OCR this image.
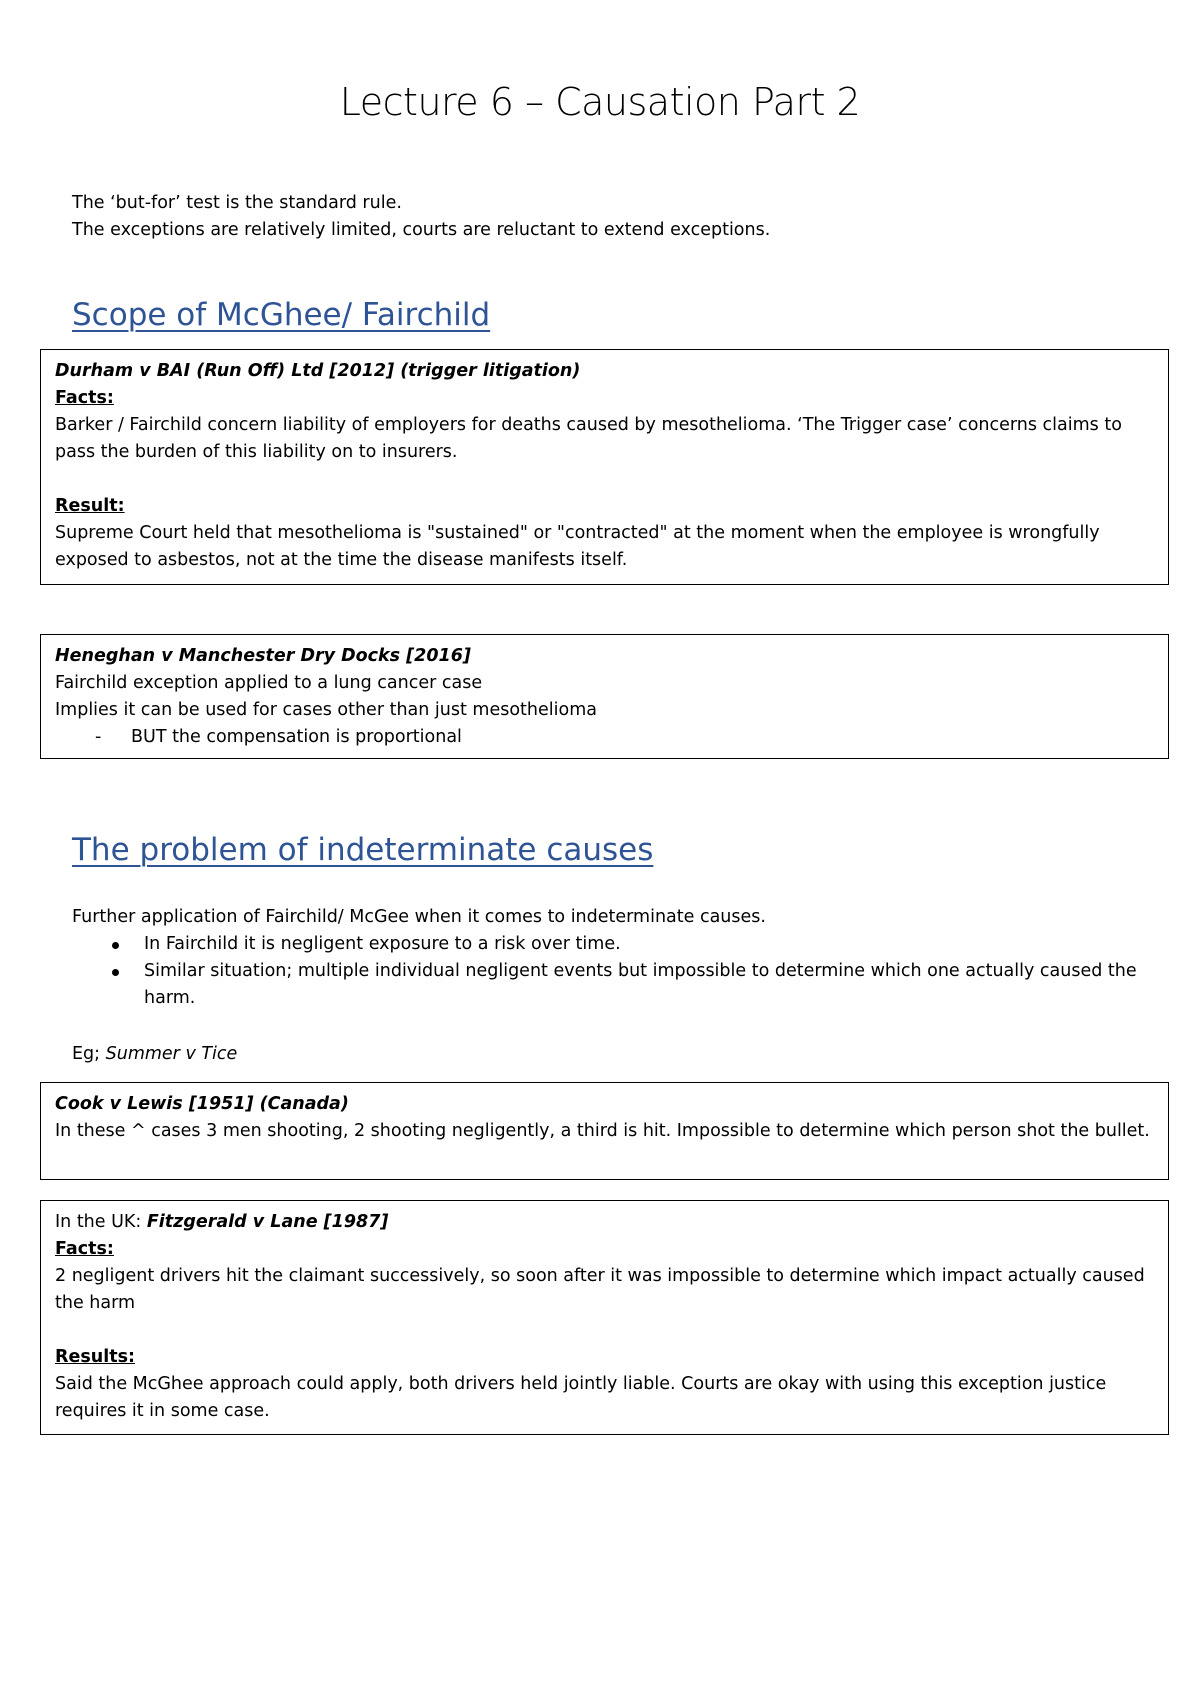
Lecture 6 – Causation Part 2
The ‘but-for’ test is the standard rule.
The exceptions are relatively limited, courts are reluctant to extend exceptions.
Scope of McGhee/ Fairchild

Durham v BAI (Run Off) Ltd [2012] (trigger litigation)

Facts:

Barker / Fairchild concern liability of employers for deaths caused by mesothelioma. ‘The Trigger case’ concerns claims to pass the burden of this liability on to insurers.

Result:

Supreme Court held that mesothelioma is "sustained" or "contracted" at the moment when the employee is wrongfully exposed to asbestos, not at the time the disease manifests itself.

Heneghan v Manchester Dry Docks [2016]

Fairchild exception applied to a lung cancer case

Implies it can be used for cases other than just mesothelioma

- BUT the compensation is proportional

The problem of indeterminate causes
Further application of Fairchild/ McGee when it comes to indeterminate causes.
In Fairchild it is negligent exposure to a risk over time.
Similar situation; multiple individual negligent events but impossible to determine which one actually caused the harm.
Eg; Summer v Tice

Cook v Lewis [1951] (Canada)

In these ^ cases 3 men shooting, 2 shooting negligently, a third is hit. Impossible to determine which person shot the bullet.

In the UK: Fitzgerald v Lane [1987]

Facts:

2 negligent drivers hit the claimant successively, so soon after it was impossible to determine which impact actually caused the harm

Results:

Said the McGhee approach could apply, both drivers held jointly liable. Courts are okay with using this exception justice requires it in some case.
